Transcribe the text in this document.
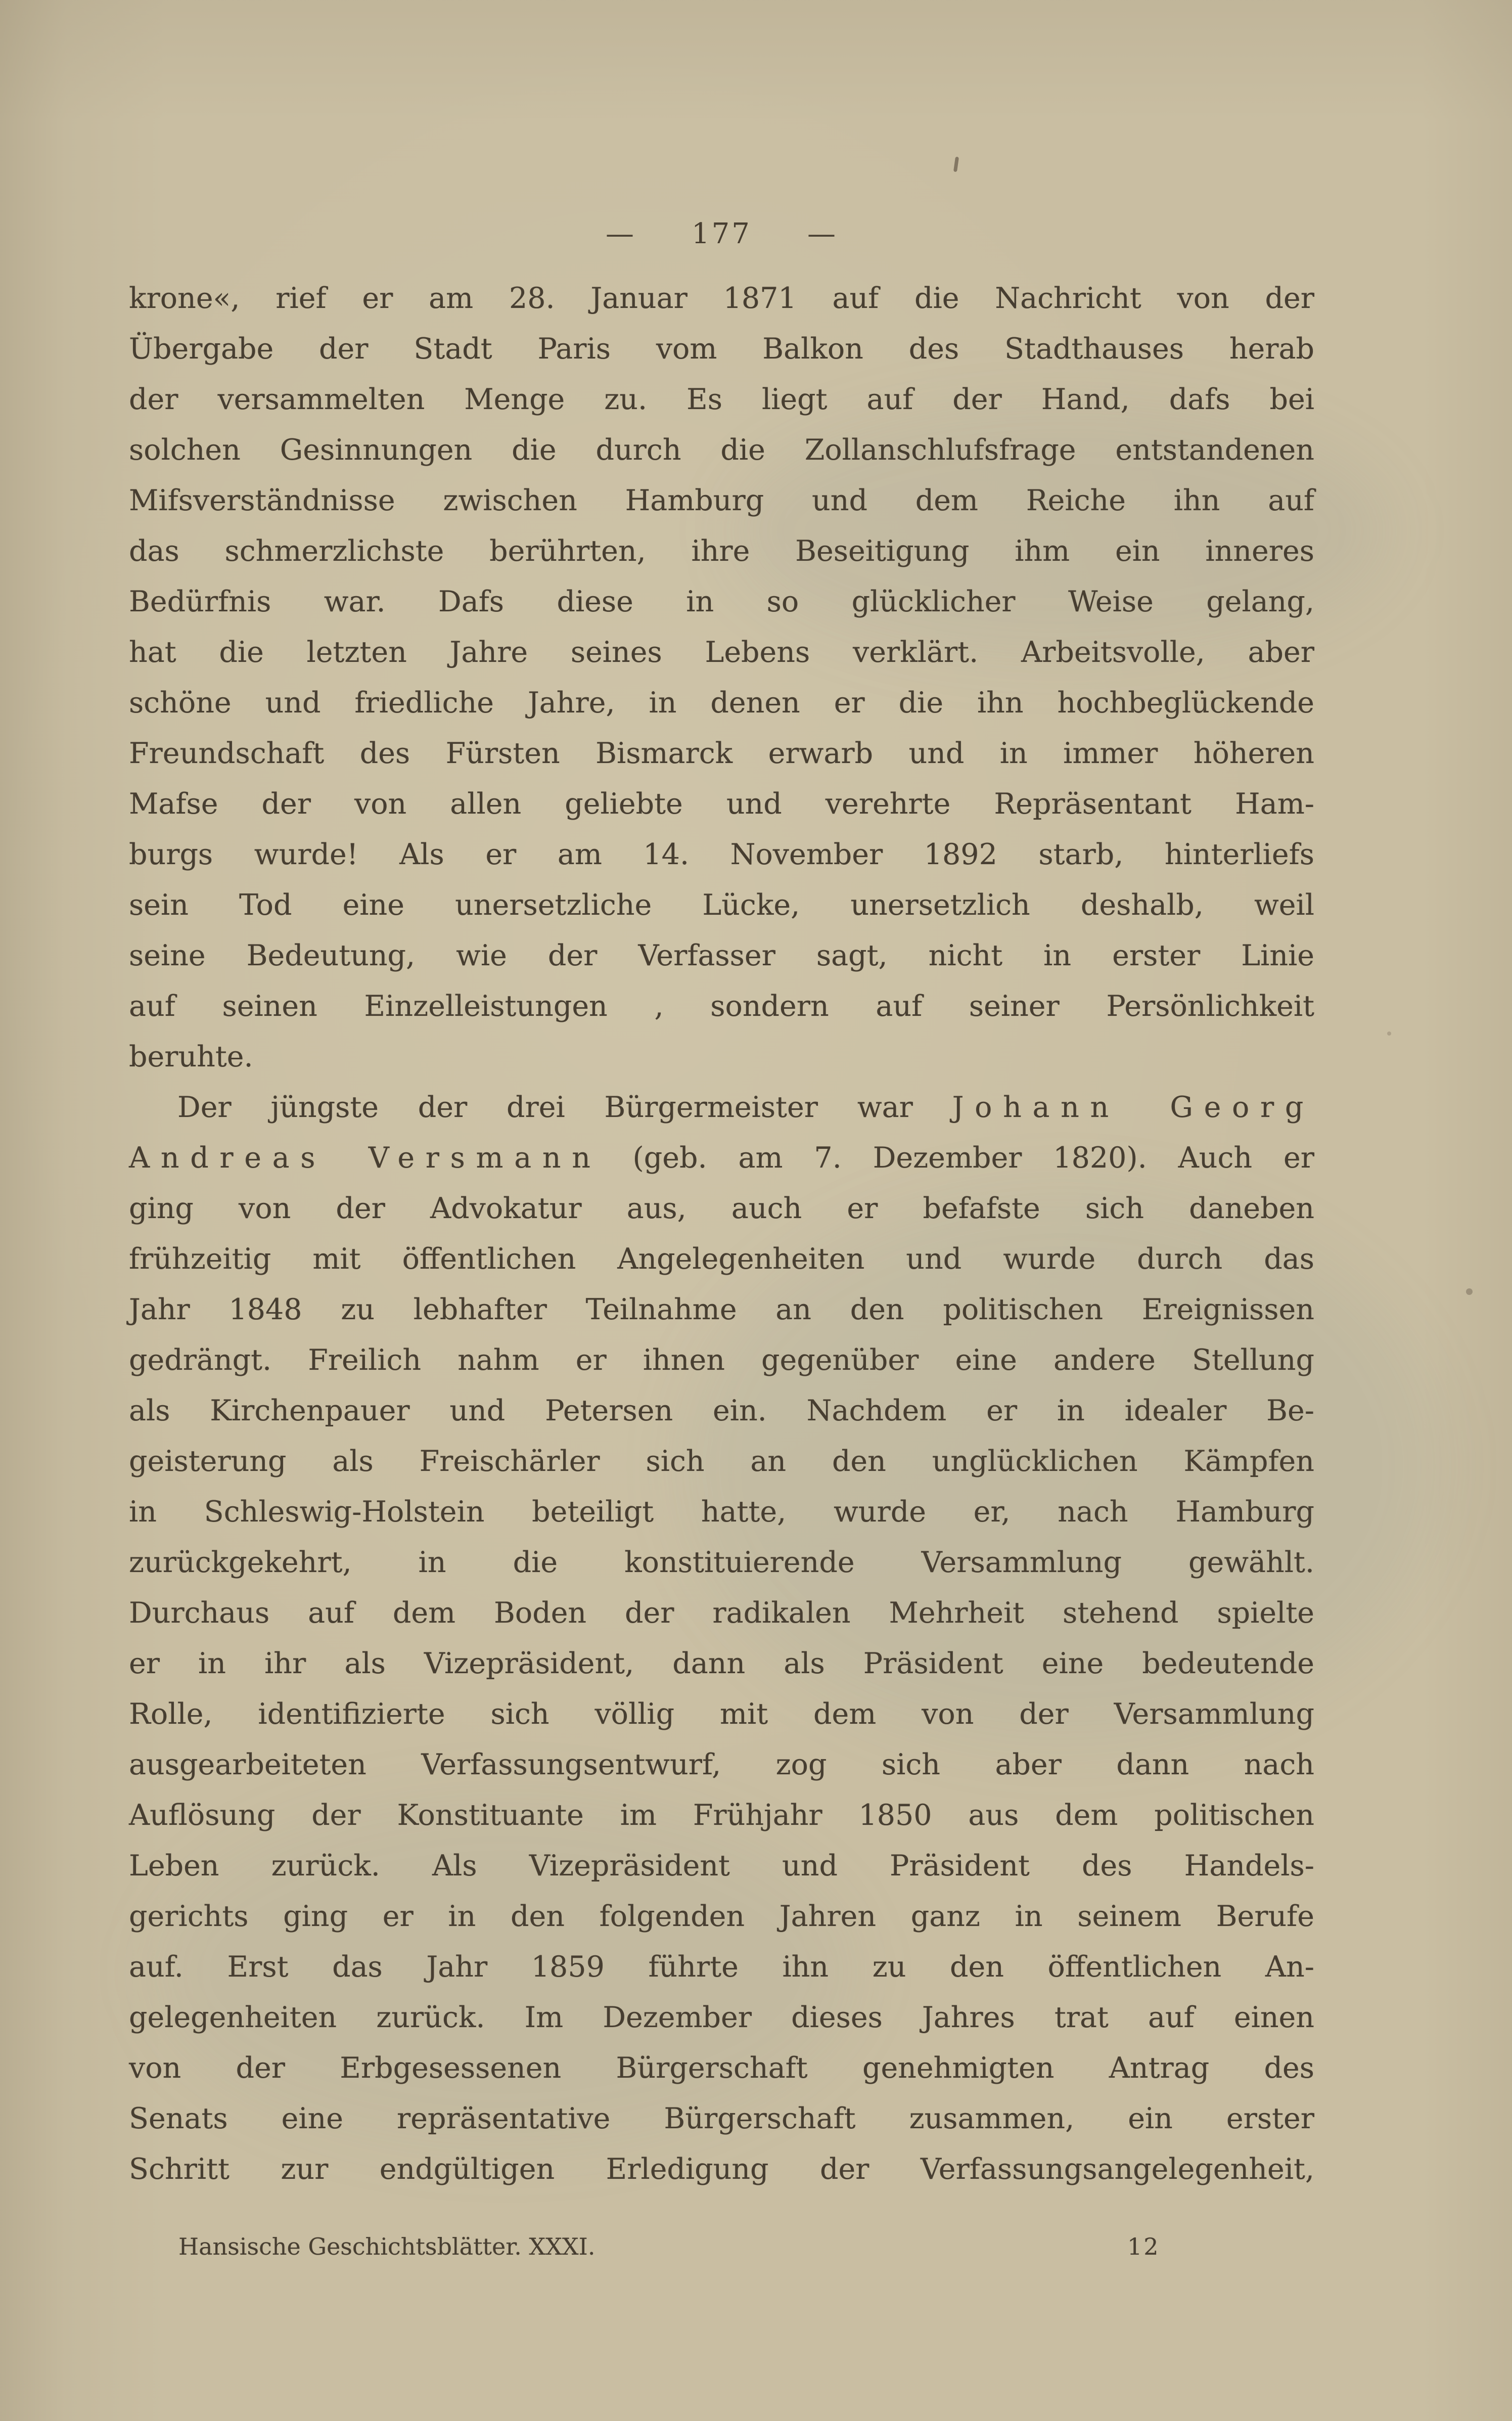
— 177 —
krone«, rief er am 28. Januar 1871 auf die Nachricht von der
Übergabe der Stadt Paris vom Balkon des Stadthauses herab
der versammelten Menge zu. Es liegt auf der Hand, dafs bei
solchen Gesinnungen die durch die Zollanschlufsfrage entstandenen
Mifsverständnisse zwischen Hamburg und dem Reiche ihn auf
das schmerzlichste berührten, ihre Beseitigung ihm ein inneres
Bedürfnis war. Dafs diese in so glücklicher Weise gelang,
hat die letzten Jahre seines Lebens verklärt. Arbeitsvolle, aber
schöne und friedliche Jahre, in denen er die ihn hochbeglückende
Freundschaft des Fürsten Bismarck erwarb und in immer höheren
Mafse der von allen geliebte und verehrte Repräsentant Ham-
burgs wurde! Als er am 14. November 1892 starb, hinterliefs
sein Tod eine unersetzliche Lücke, unersetzlich deshalb, weil
seine Bedeutung, wie der Verfasser sagt, nicht in erster Linie
auf seinen Einzelleistungen , sondern auf seiner Persönlichkeit
beruhte.
Der jüngste der drei Bürgermeister war Johann Georg
Andreas Versmann (geb. am 7. Dezember 1820). Auch er
ging von der Advokatur aus, auch er befafste sich daneben
frühzeitig mit öffentlichen Angelegenheiten und wurde durch das
Jahr 1848 zu lebhafter Teilnahme an den politischen Ereignissen
gedrängt. Freilich nahm er ihnen gegenüber eine andere Stellung
als Kirchenpauer und Petersen ein. Nachdem er in idealer Be-
geisterung als Freischärler sich an den unglücklichen Kämpfen
in Schleswig-Holstein beteiligt hatte, wurde er, nach Hamburg
zurückgekehrt, in die konstituierende Versammlung gewählt.
Durchaus auf dem Boden der radikalen Mehrheit stehend spielte
er in ihr als Vizepräsident, dann als Präsident eine bedeutende
Rolle, identifizierte sich völlig mit dem von der Versammlung
ausgearbeiteten Verfassungsentwurf, zog sich aber dann nach
Auflösung der Konstituante im Frühjahr 1850 aus dem politischen
Leben zurück. Als Vizepräsident und Präsident des Handels-
gerichts ging er in den folgenden Jahren ganz in seinem Berufe
auf. Erst das Jahr 1859 führte ihn zu den öffentlichen An-
gelegenheiten zurück. Im Dezember dieses Jahres trat auf einen
von der Erbgesessenen Bürgerschaft genehmigten Antrag des
Senats eine repräsentative Bürgerschaft zusammen, ein erster
Schritt zur endgültigen Erledigung der Verfassungsangelegenheit,
Hansische Geschichtsblätter. XXXI.	12
